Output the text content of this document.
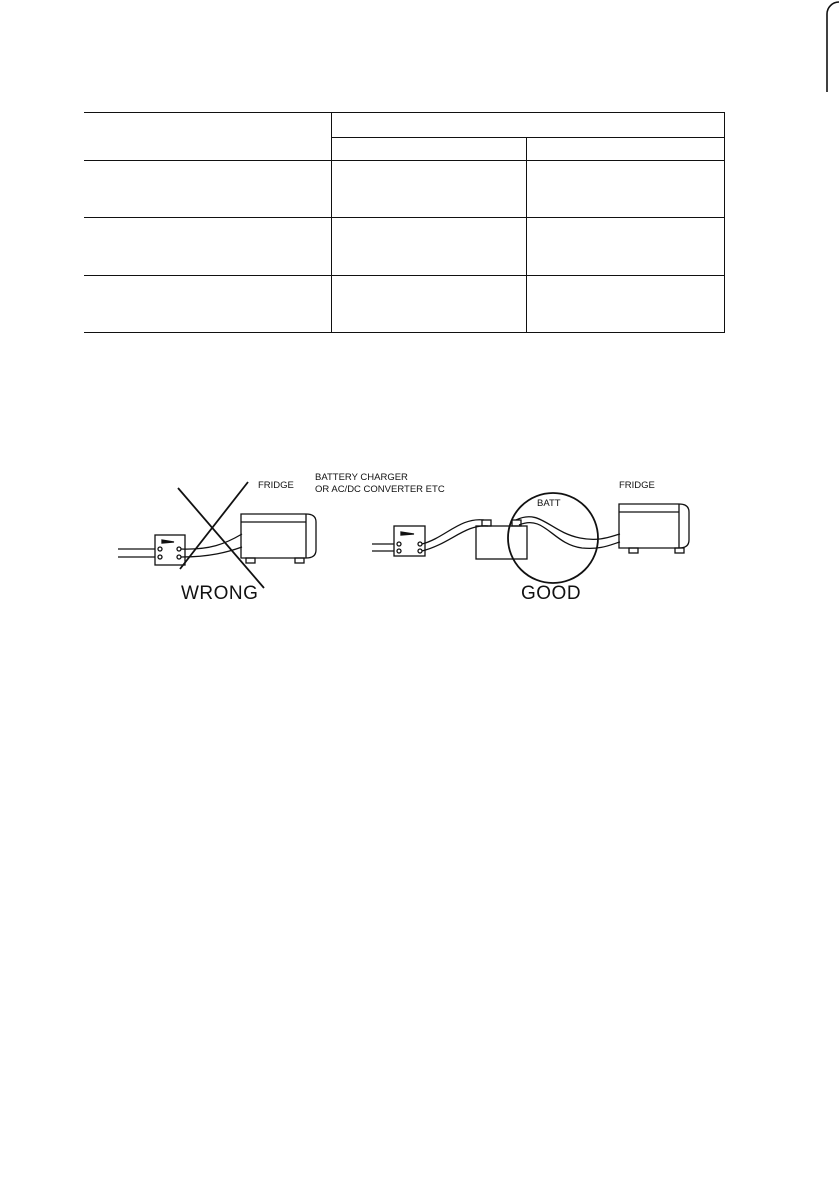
FRIDGE
WRONG
BATTERY CHARGER
OR AC/DC CONVERTER ETC
BATT
FRIDGE
GOOD
